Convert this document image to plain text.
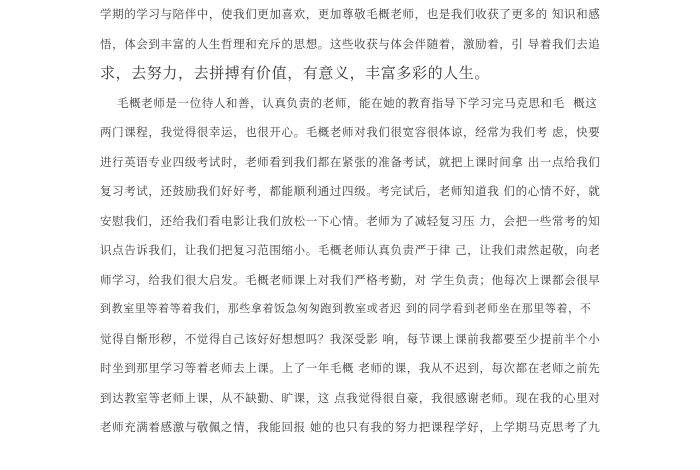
学期的学习与陪伴中，使我们更加喜欢，更加尊敬毛概老师，也是我们收获了更多的 知识和感
悟，体会到丰富的人生哲理和充斥的思想。这些收获与体会伴随着，激励着，引 导着我们去追
求，去努力，去拼搏有价值，有意义，丰富多彩的人生。
毛概老师是一位待人和善，认真负责的老师，能在她的教育指导下学习完马克思和毛  概这
两门课程，我觉得很幸运，也很开心。毛概老师对我们很宽容很体谅，经常为我们考 虑，快要
进行英语专业四级考试时，老师看到我们都在紧张的准备考试，就把上课时间拿 出一点给我们
复习考试，还鼓励我们好好考，都能顺利通过四级。考完试后，老师知道我 们的心情不好，就
安慰我们，还给我们看电影让我们放松一下心情。老师为了减轻复习压 力，会把一些常考的知
识点告诉我们，让我们把复习范围缩小。毛概老师认真负责严于律 己，让我们肃然起敬，向老
师学习，给我们很大启发。毛概老师课上对我们严格考勤，对 学生负责；他每次上课都会很早
到教室里等着等着我们，那些拿着饭急匆匆跑到教室或者迟 到的同学看到老师坐在那里等着，不
觉得自惭形秽，不觉得自己该好好想想吗？我深受影 响，每节课上课前我都要至少提前半个小
时坐到那里学习等着老师去上课。上了一年毛概 老师的课，我从不迟到，每次都在老师之前先
到达教室等老师上课，从不缺勤、旷课，这 点我觉得很自豪，我很感谢老师。现在我的心里对
老师充满着感激与敬佩之情，我能回报 她的也只有我的努力把课程学好，上学期马克思考了九
